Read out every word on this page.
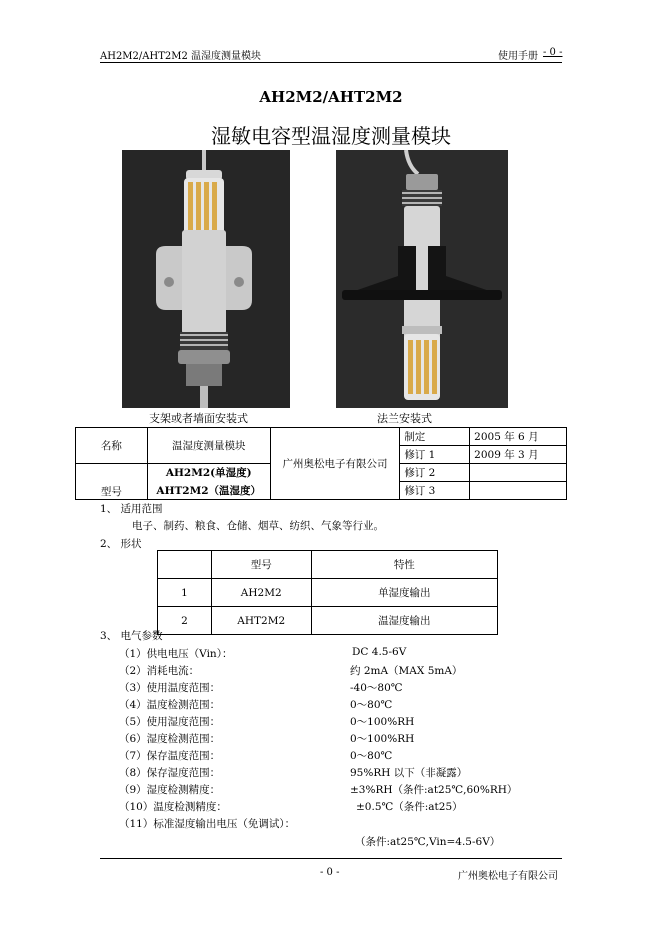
AH2M2/AHT2M2 温湿度测量模块	使用手册 - 0 -
AH2M2/AHT2M2
湿敏电容型温湿度测量模块
支架或者墙面安装式	法兰安装式
名称	温湿度测量模块	广州奥松电子有限公司	制定	2005 年 6 月
			修订 1	2009 年 3 月
型号	AH2M2(单湿度)		修订 2	
	AHT2M2（温湿度）		修订 3	
1、 适用范围
电子、制药、粮食、仓储、烟草、纺织、气象等行业。
2、 形状
	型号	特性
1	AH2M2	单湿度输出
2	AHT2M2	温湿度输出
3、 电气参数
（1）供电电压（Vin）：	DC 4.5-6V
（2）消耗电流：	约 2mA（MAX 5mA）
（3）使用温度范围：	-40～80℃
（4）温度检测范围：	0～80℃
（5）使用湿度范围：	0～100%RH
（6）湿度检测范围：	0～100%RH
（7）保存温度范围：	0～80℃
（8）保存湿度范围：	95%RH 以下（非凝露）
（9）湿度检测精度：	±3%RH（条件:at25℃,60%RH）
（10）温度检测精度：	±0.5℃（条件:at25）
（11）标准湿度输出电压（免调试）：
（条件:at25℃,Vin=4.5-6V）
- 0 -	广州奥松电子有限公司
